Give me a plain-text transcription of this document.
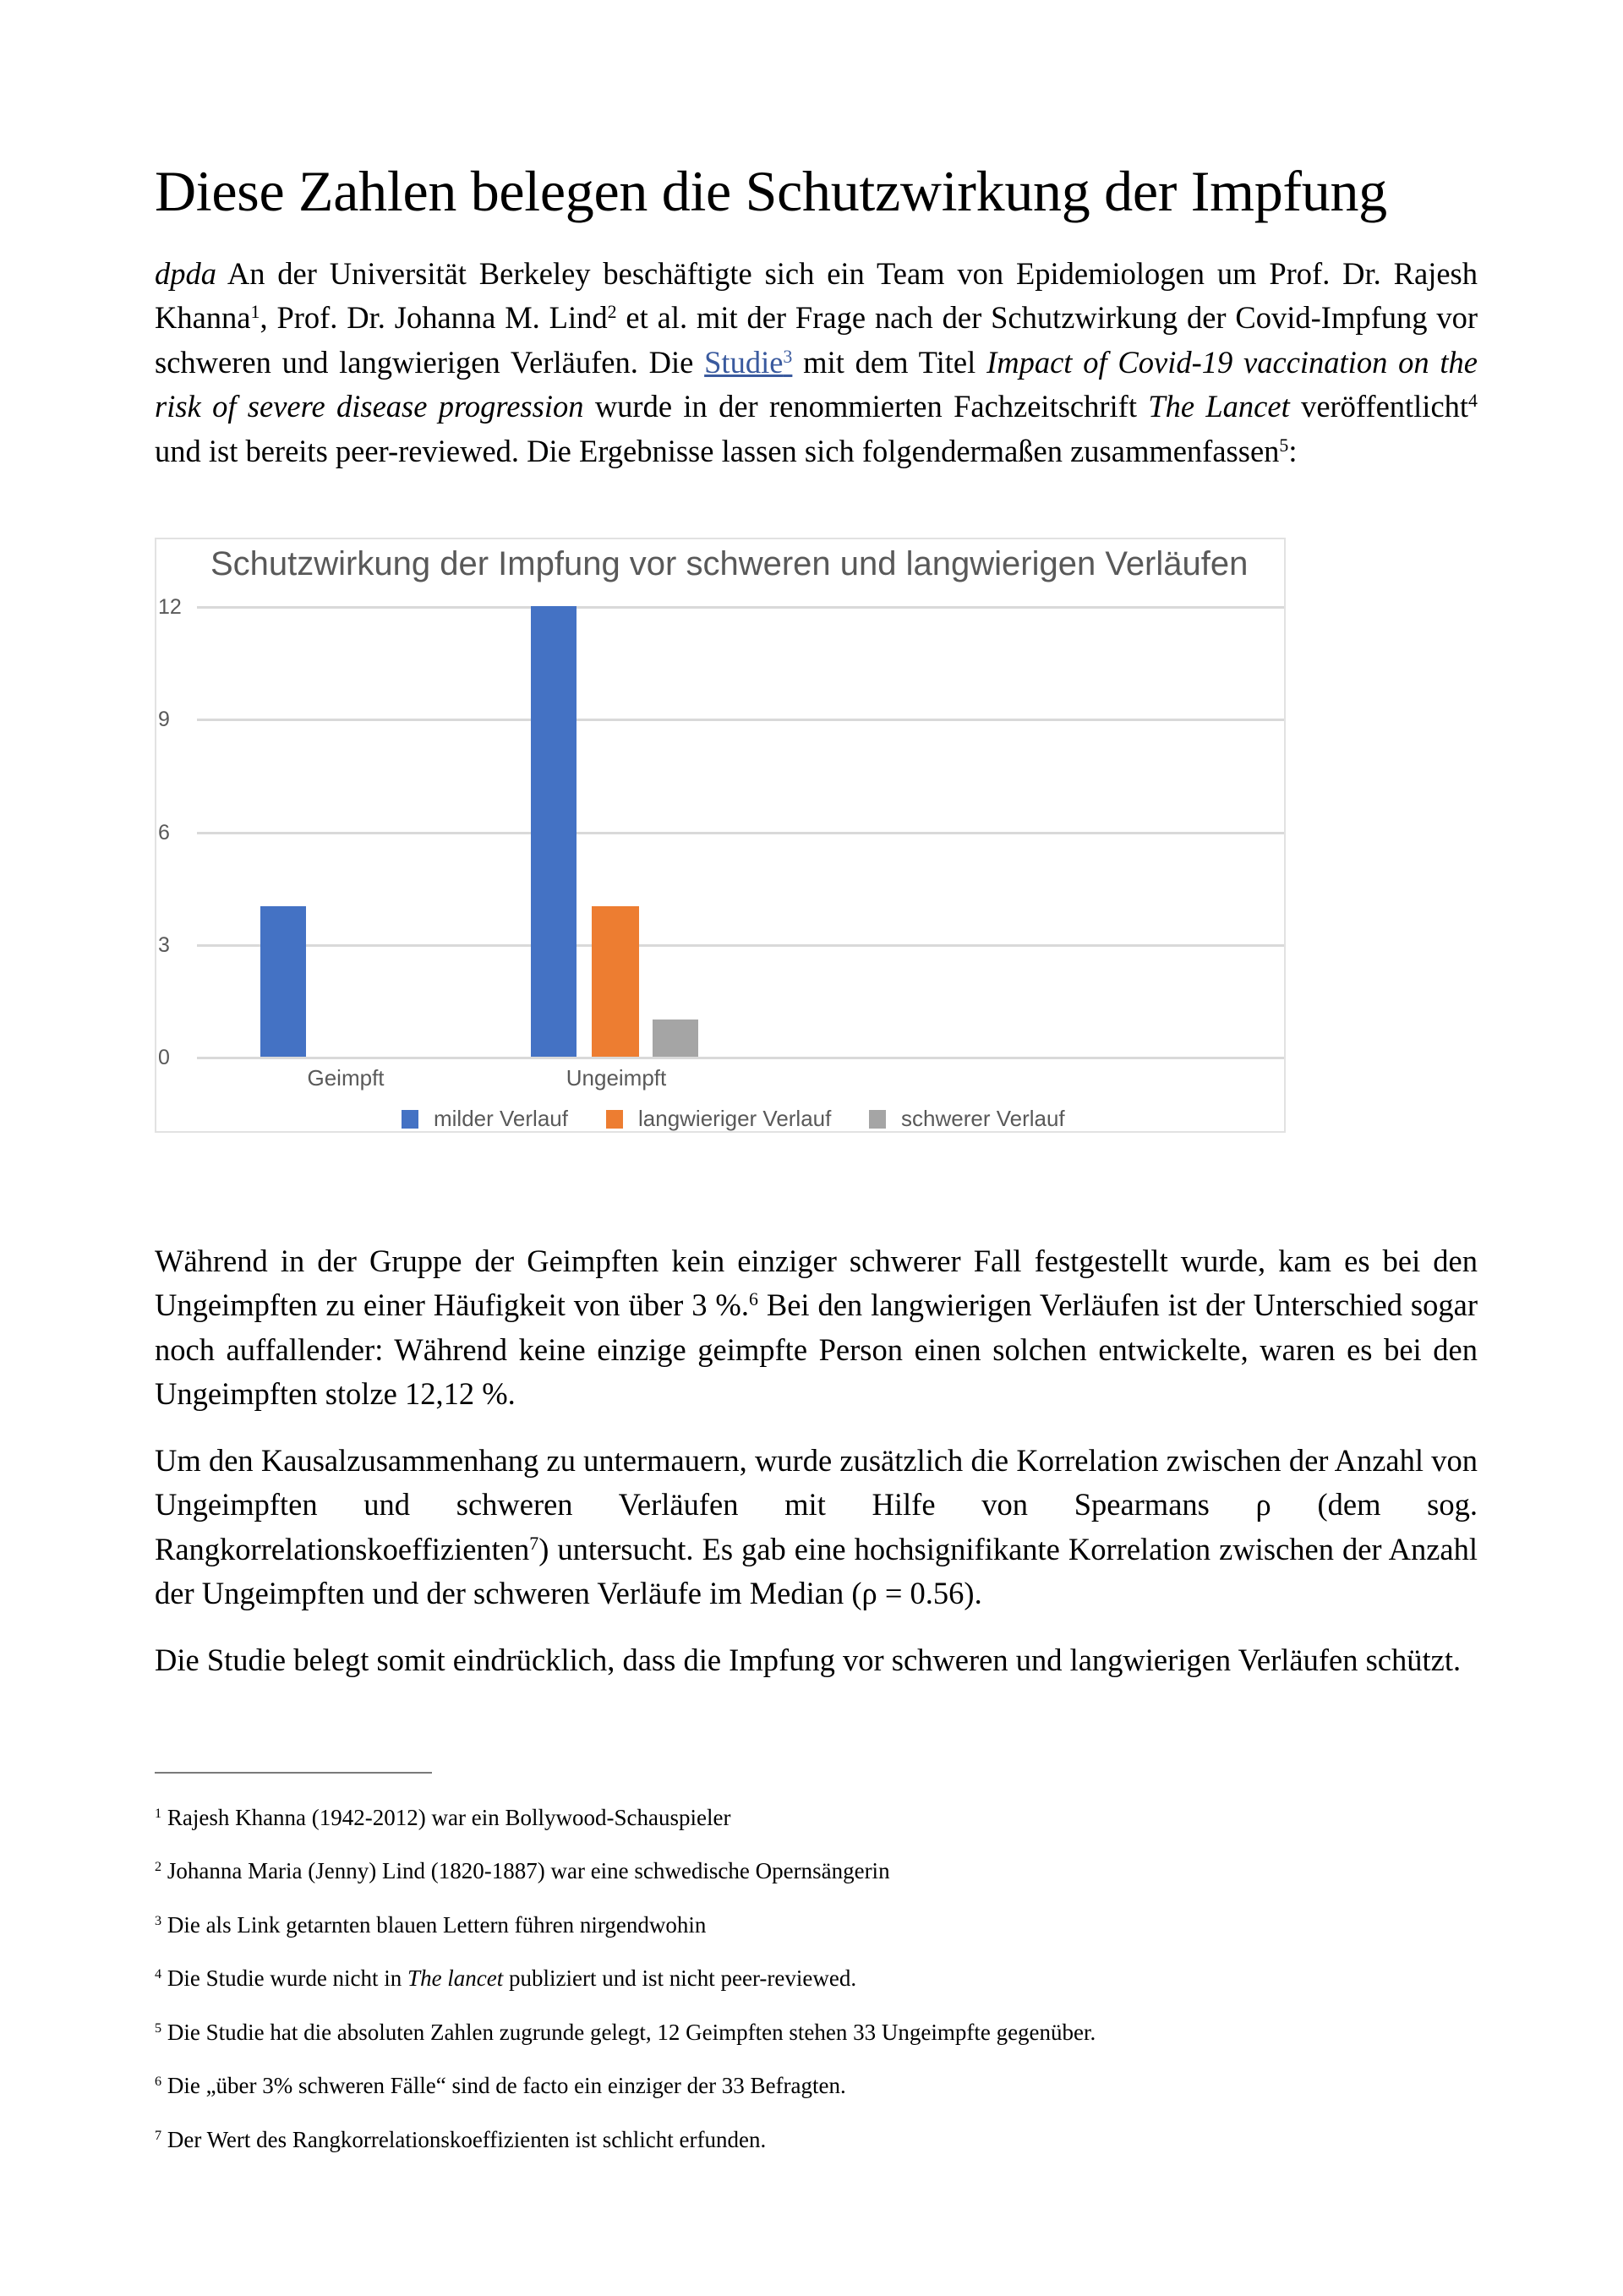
Diese Zahlen belegen die Schutzwirkung der Impfung

dpda An der Universität Berkeley beschäftigte sich ein Team von Epidemiologen um Prof. Dr. Rajesh Khanna$^1$, Prof. Dr. Johanna M. Lind$^2$ et al. mit der Frage nach der Schutzwirkung der Covid-Impfung vor schweren und langwierigen Verläufen. Die Studie$^3$ mit dem Titel Impact of Covid-19 vaccination on the risk of severe disease progression wurde in der renommierten Fachzeitschrift The Lancet veröffentlicht$^4$ und ist bereits peer-reviewed. Die Ergebnisse lassen sich folgendermaßen zusammenfassen$^5$:

Während in der Gruppe der Geimpften kein einziger schwerer Fall festgestellt wurde, kam es bei den Ungeimpften zu einer Häufigkeit von über 3 %.$^6$ Bei den langwierigen Verläufen ist der Unterschied sogar noch auffallender: Während keine einzige geimpfte Person einen solchen entwickelte, waren es bei den Ungeimpften stolze 12,12 %.

Um den Kausalzusammenhang zu untermauern, wurde zusätzlich die Korrelation zwischen der Anzahl von Ungeimpften und schweren Verläufen mit Hilfe von Spearmans ρ (dem sog. Rangkorrelationskoeffizienten$^7$) untersucht. Es gab eine hochsignifikante Korrelation zwischen der Anzahl der Ungeimpften und der schweren Verläufe im Median (ρ = 0.56).

Die Studie belegt somit eindrücklich, dass die Impfung vor schweren und langwierigen Verläufen schützt.

Schutzwirkung der Impfung vor schweren und langwierigen Verläufen
12
9
6
3
0
Geimpft	Ungeimpft
milder Verlauf	langwieriger Verlauf	schwerer Verlauf

$^1$ Rajesh Khanna (1942-2012) war ein Bollywood-Schauspieler

$^2$ Johanna Maria (Jenny) Lind (1820-1887) war eine schwedische Opernsängerin

$^3$ Die als Link getarnten blauen Lettern führen nirgendwohin

$^4$ Die Studie wurde nicht in The lancet publiziert und ist nicht peer-reviewed.

$^5$ Die Studie hat die absoluten Zahlen zugrunde gelegt, 12 Geimpften stehen 33 Ungeimpfte gegenüber.

$^6$ Die „über 3% schweren Fälle“ sind de facto ein einziger der 33 Befragten.

$^7$ Der Wert des Rangkorrelationskoeffizienten ist schlicht erfunden.
